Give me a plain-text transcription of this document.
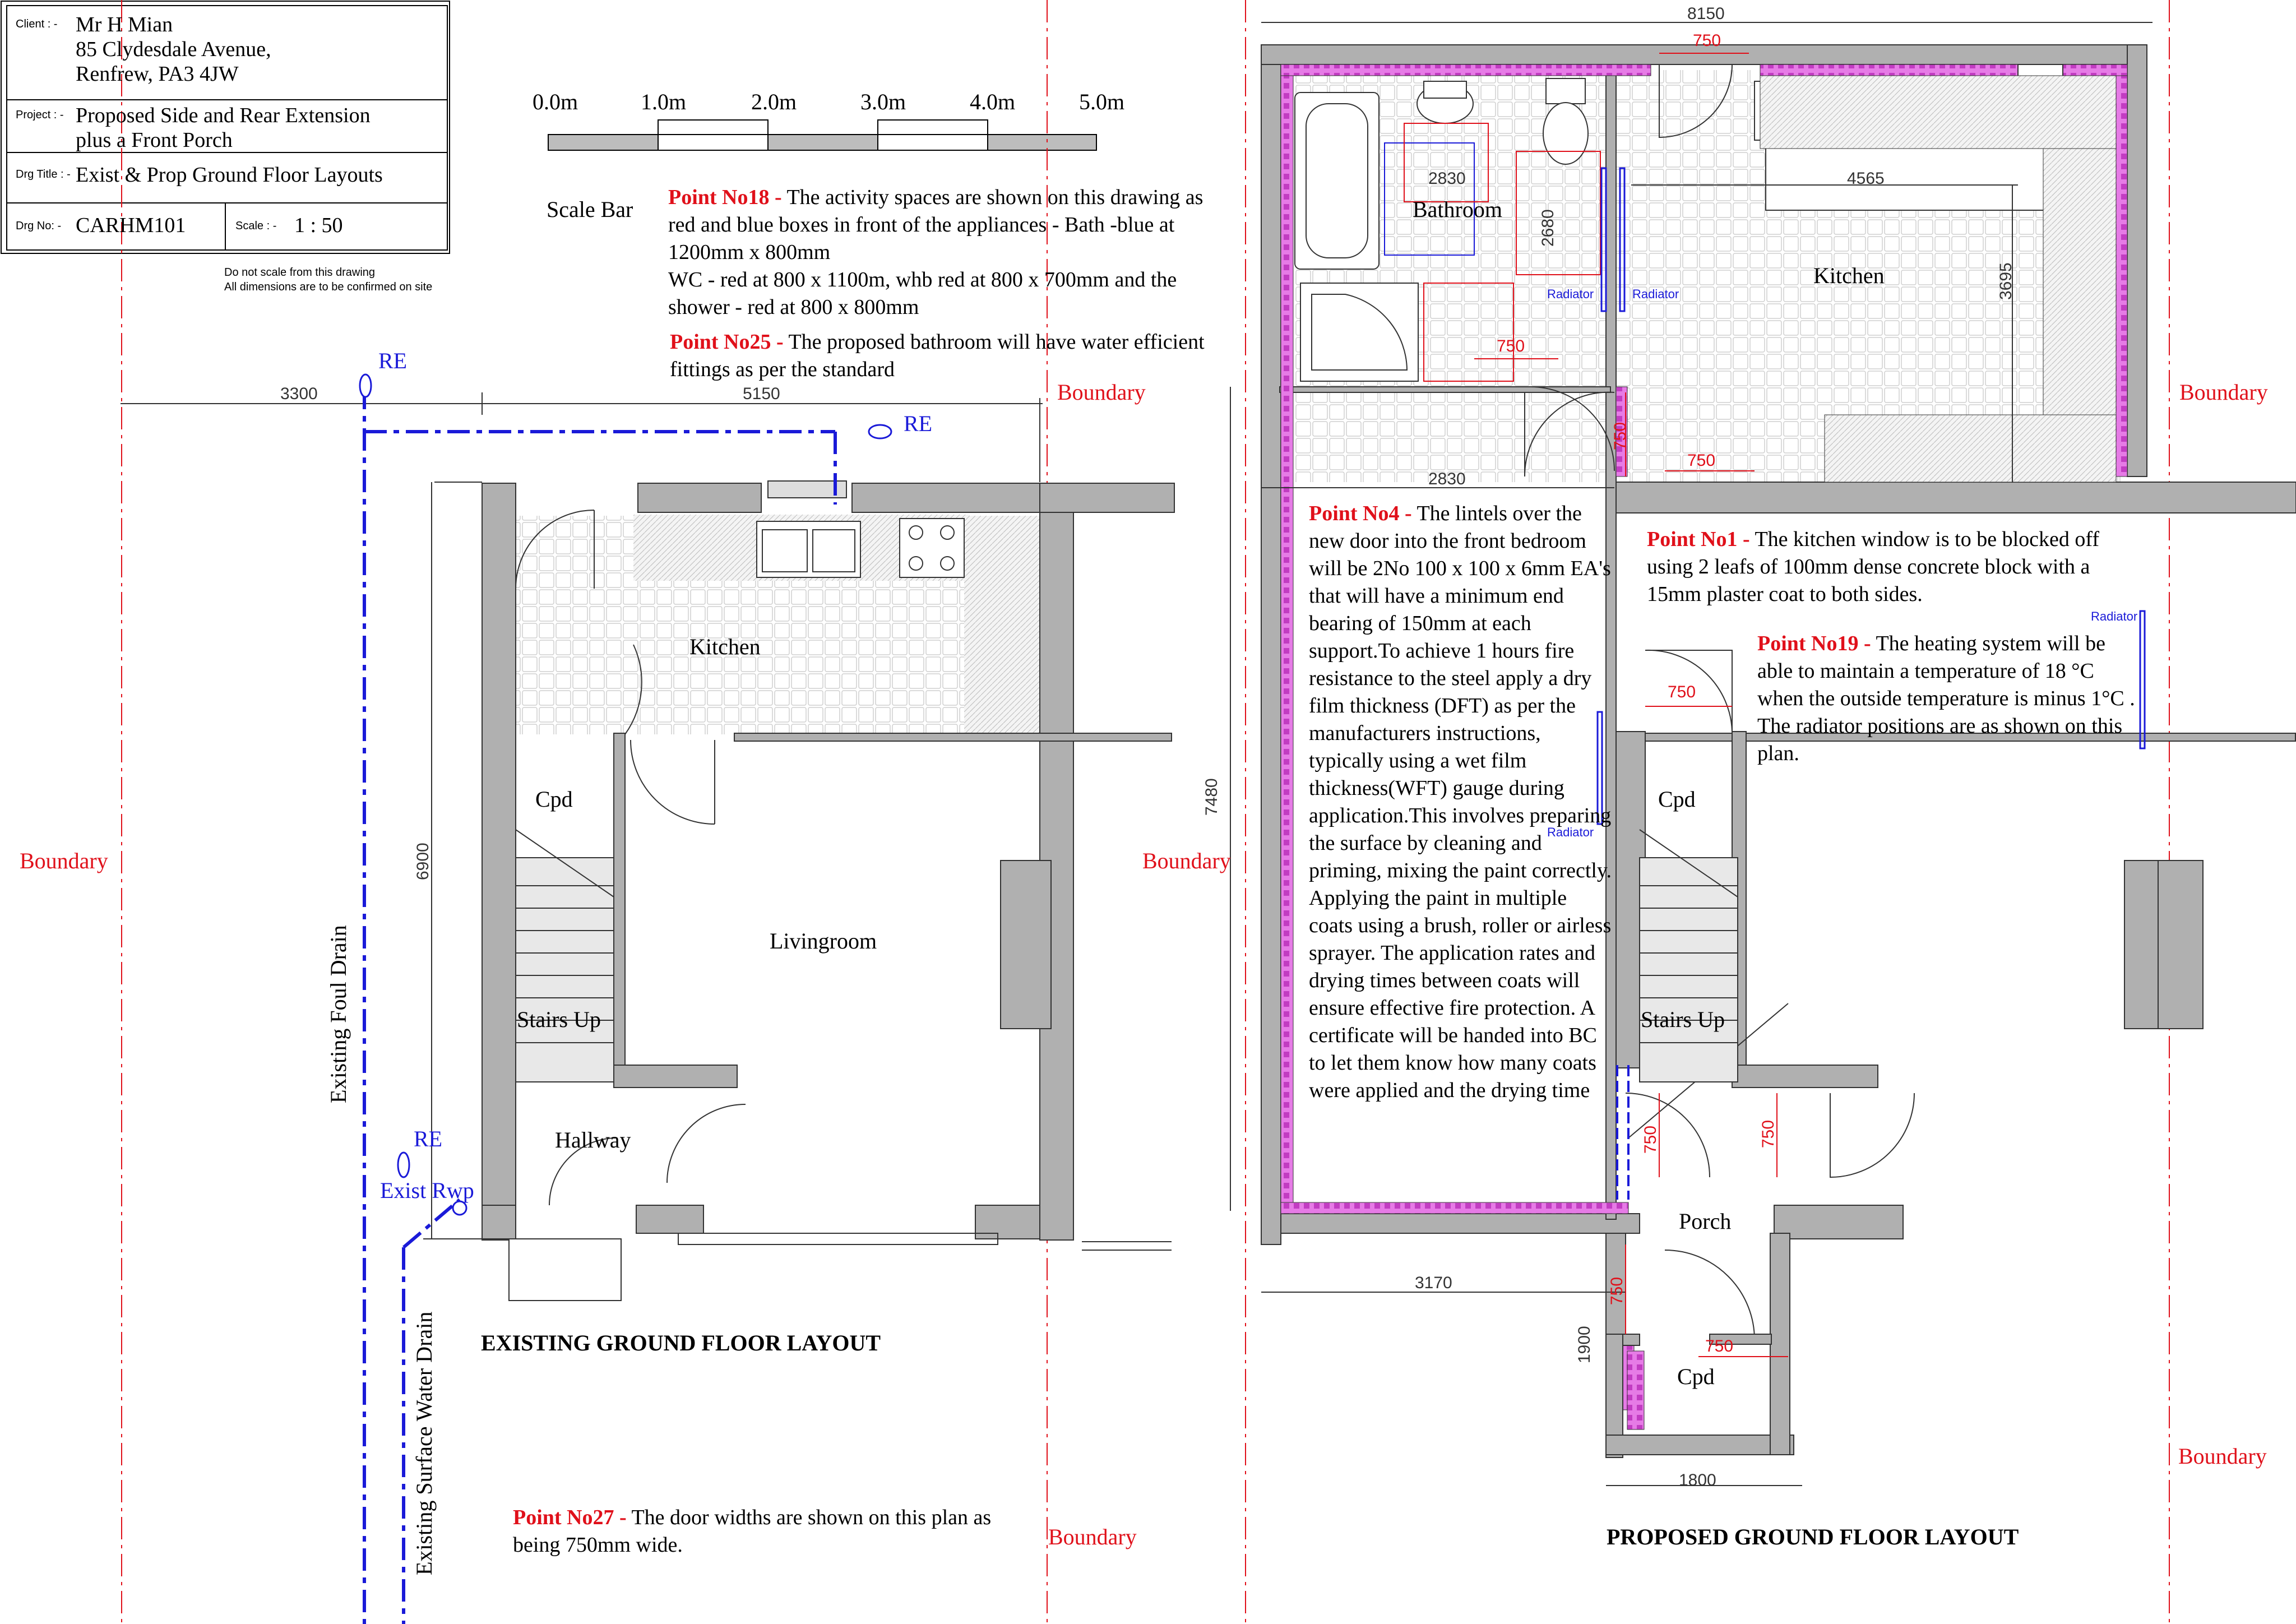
Client : - Mr H Mian
85 Clydesdale Avenue,
Renfrew, PA3 4JW
Project : - Proposed Side and Rear Extension
plus a Front Porch
Drg Title : - Exist & Prop Ground Floor Layouts
Drg No: - CARHM101	Scale : - 1 : 50
Do not scale from this drawing
All dimensions are to be confirmed on site
0.0m	1.0m	2.0m	3.0m	4.0m	5.0m
Scale Bar Point No18 - The activity spaces are shown on this drawing as red and blue boxes in front of the appliances - Bath -blue at 1200mm x 800mm
WC - red at 800 x 1100m, whb red at 800 x 700mm and the shower - red at 800 x 800mm
Point No25 - The proposed bathroom will have water efficient fittings as per the standard
Point No4 - The lintels over the new door into the front bedroom will be 2No 100 x 100 x 6mm EA's that will have a minimum end bearing of 150mm at each support.To achieve 1 hours fire resistance to the steel apply a dry film thickness (DFT) as per the manufacturers instructions, typically using a wet film thickness(WFT) gauge during application.This involves preparing the surface by cleaning and priming, mixing the paint correctly. Applying the paint in multiple coats using a brush, roller or airless sprayer. The application rates and drying times between coats will ensure effective fire protection. A certificate will be handed into BC to let them know how many coats were applied and the drying time
Point No1 - The kitchen window is to be blocked off using 2 leafs of 100mm dense concrete block with a 15mm plaster coat to both sides.
Point No19 - The heating system will be able to maintain a temperature of 18 °C when the outside temperature is minus 1°C . The radiator positions are as shown on this plan.
Point No27 - The door widths are shown on this plan as being 750mm wide.
Kitchen
Cpd
Livingroom
Stairs Up
Hallway
EXISTING GROUND FLOOR LAYOUT
3300	5150
6900
Existing Foul Drain
Existing Surface Water Drain
Exist Rwp
RE
RE
RE
Boundary
Boundary
Boundary
Boundary
Boundary
Boundary
Bathroom
Kitchen
Cpd
Stairs Up
Porch
Cpd
PROPOSED GROUND FLOOR LAYOUT
8150
750
2830	4565
2680
3695
750
750
750
2830
7480
750
750	750
3170	750
750
1900
1800
Radiator	Radiator
Radiator
Radiator
